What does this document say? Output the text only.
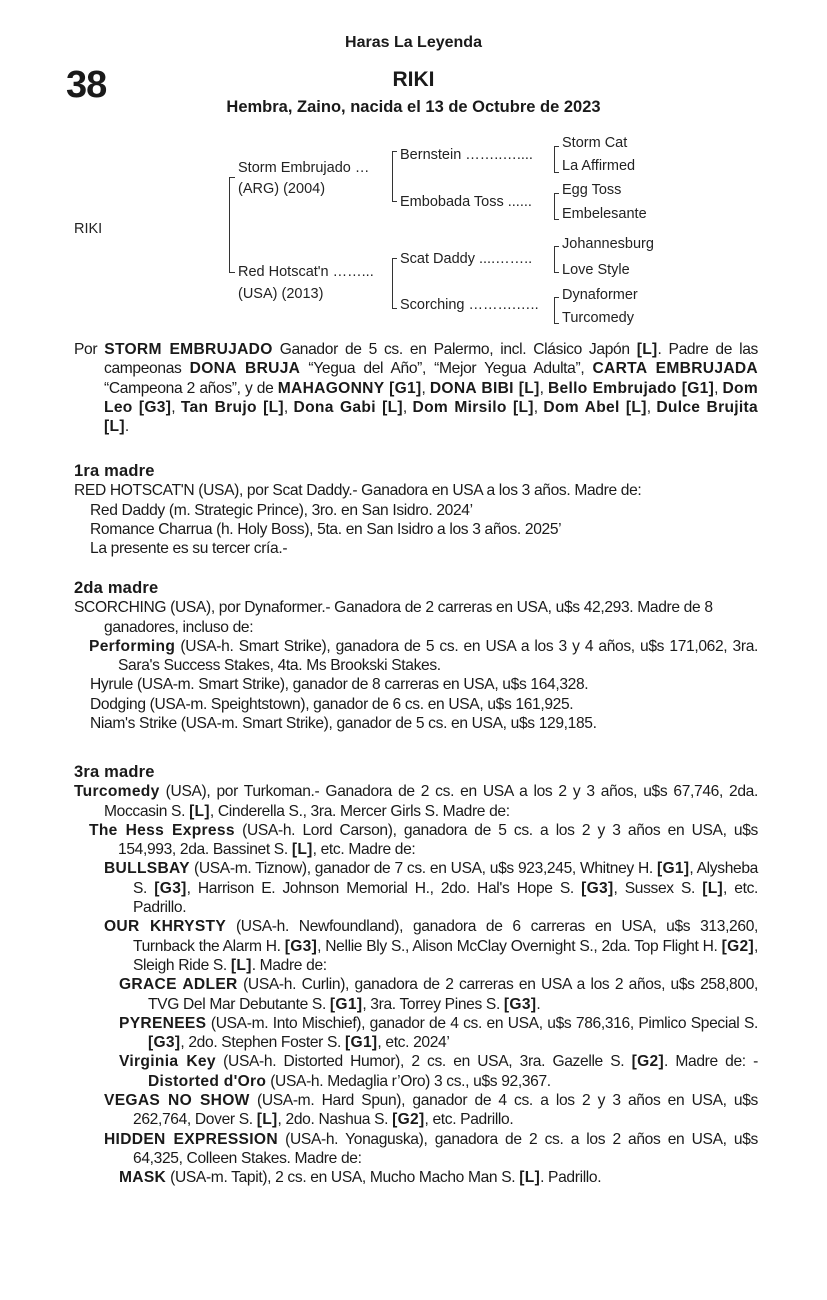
Haras La Leyenda
38	RIKI
Hembra, Zaino, nacida el 13 de Octubre de 2023
RIKI
Storm Embrujado …
(ARG) (2004)
Red Hotscat'n ……...
(USA) (2013)
Bernstein ……..…....
Embobada Toss ......
Scat Daddy ....……..
Scorching ……….…..
Storm Cat
La Affirmed
Egg Toss
Embelesante
Johannesburg
Love Style
Dynaformer
Turcomedy

Por STORM EMBRUJADO Ganador de 5 cs. en Palermo, incl. Clásico Japón [L]. Padre de las campeonas DONA BRUJA “Yegua del Año”, “Mejor Yegua Adulta”, CARTA EMBRUJADA “Campeona 2 años”, y de MAHAGONNY [G1], DONA BIBI [L], Bello Embrujado [G1], Dom Leo [G3], Tan Brujo [L], Dona Gabi [L], Dom Mirsilo [L], Dom Abel [L], Dulce Brujita [L].

1ra madre

RED HOTSCAT'N (USA), por Scat Daddy.- Ganadora en USA a los 3 años. Madre de:

Red Daddy (m. Strategic Prince), 3ro. en San Isidro. 2024’

Romance Charrua (h. Holy Boss), 5ta. en San Isidro a los 3 años. 2025’

La presente es su tercer cría.-

2da madre

SCORCHING (USA), por Dynaformer.- Ganadora de 2 carreras en USA, u$s 42,293. Madre de 8 ganadores, incluso de:

Performing (USA-h. Smart Strike), ganadora de 5 cs. en USA a los 3 y 4 años, u$s 171,062, 3ra. Sara's Success Stakes, 4ta. Ms Brookski Stakes.

Hyrule (USA-m. Smart Strike), ganador de 8 carreras en USA, u$s 164,328.

Dodging (USA-m. Speightstown), ganador de 6 cs. en USA, u$s 161,925.

Niam's Strike (USA-m. Smart Strike), ganador de 5 cs. en USA, u$s 129,185.

3ra madre

Turcomedy (USA), por Turkoman.- Ganadora de 2 cs. en USA a los 2 y 3 años, u$s 67,746, 2da. Moccasin S. [L], Cinderella S., 3ra. Mercer Girls S. Madre de:

The Hess Express (USA-h. Lord Carson), ganadora de 5 cs. a los 2 y 3 años en USA, u$s 154,993, 2da. Bassinet S. [L], etc. Madre de:

BULLSBAY (USA-m. Tiznow), ganador de 7 cs. en USA, u$s 923,245, Whitney H. [G1], Alysheba S. [G3], Harrison E. Johnson Memorial H., 2do. Hal's Hope S. [G3], Sussex S. [L], etc. Padrillo.

OUR KHRYSTY (USA-h. Newfoundland), ganadora de 6 carreras en USA, u$s 313,260, Turnback the Alarm H. [G3], Nellie Bly S., Alison McClay Overnight S., 2da. Top Flight H. [G2], Sleigh Ride S. [L]. Madre de:

GRACE ADLER (USA-h. Curlin), ganadora de 2 carreras en USA a los 2 años, u$s 258,800, TVG Del Mar Debutante S. [G1], 3ra. Torrey Pines S. [G3].

PYRENEES (USA-m. Into Mischief), ganador de 4 cs. en USA, u$s 786,316, Pimlico Special S. [G3], 2do. Stephen Foster S. [G1], etc. 2024’

Virginia Key (USA-h. Distorted Humor), 2 cs. en USA, 3ra. Gazelle S. [G2]. Madre de: - Distorted d'Oro (USA-h. Medaglia r’Oro) 3 cs., u$s 92,367.

VEGAS NO SHOW (USA-m. Hard Spun), ganador de 4 cs. a los 2 y 3 años en USA, u$s 262,764, Dover S. [L], 2do. Nashua S. [G2], etc. Padrillo.

HIDDEN EXPRESSION (USA-h. Yonaguska), ganadora de 2 cs. a los 2 años en USA, u$s 64,325, Colleen Stakes. Madre de:

MASK (USA-m. Tapit), 2 cs. en USA, Mucho Macho Man S. [L]. Padrillo.
